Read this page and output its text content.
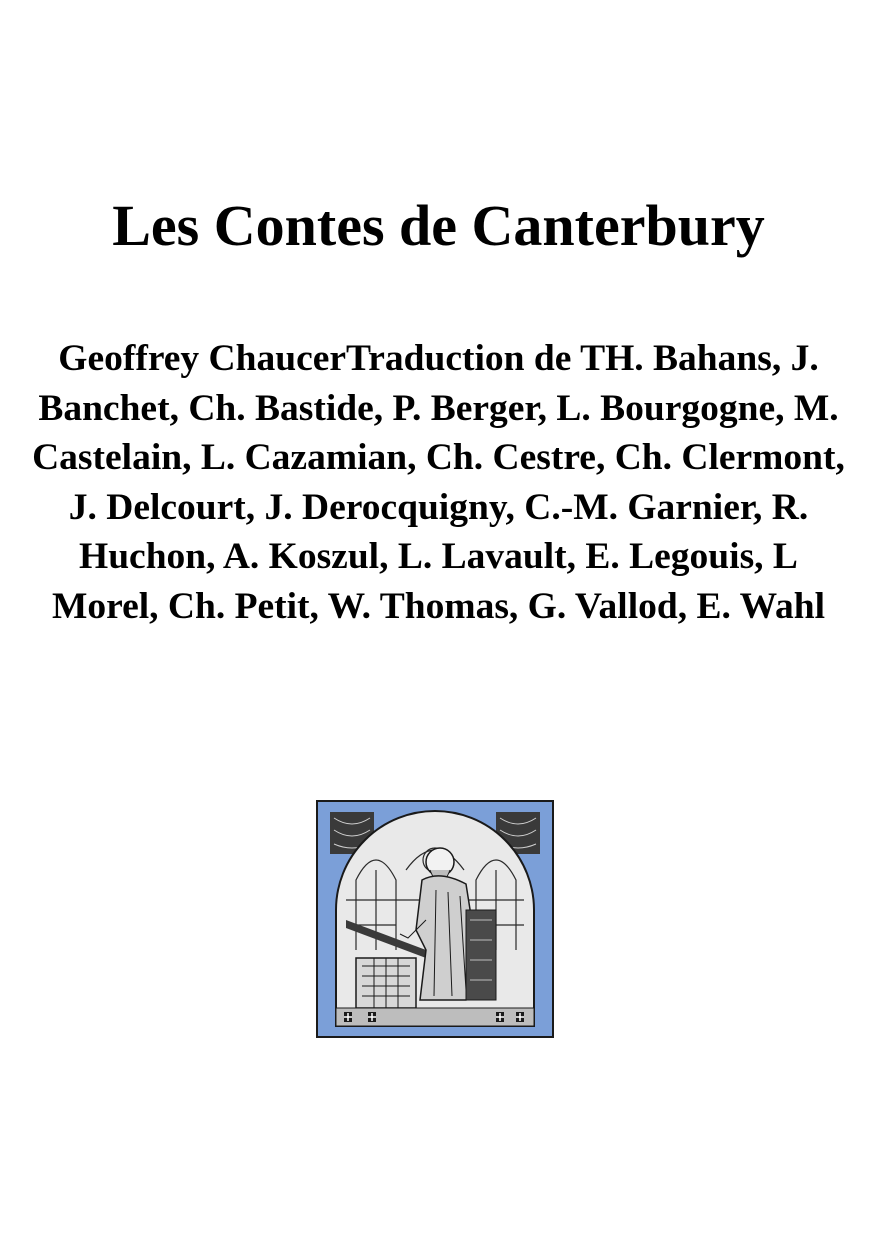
Les Contes de Canterbury

Geoffrey ChaucerTraduction de TH. Bahans, J. Banchet, Ch. Bastide, P. Berger, L. Bourgogne, M. Castelain, L. Cazamian, Ch. Cestre, Ch. Clermont, J. Delcourt, J. Derocquigny, C.-M. Garnier, R. Huchon, A. Koszul, L. Lavault, E. Legouis, L Morel, Ch. Petit, W. Thomas, G. Vallod, E. Wahl
